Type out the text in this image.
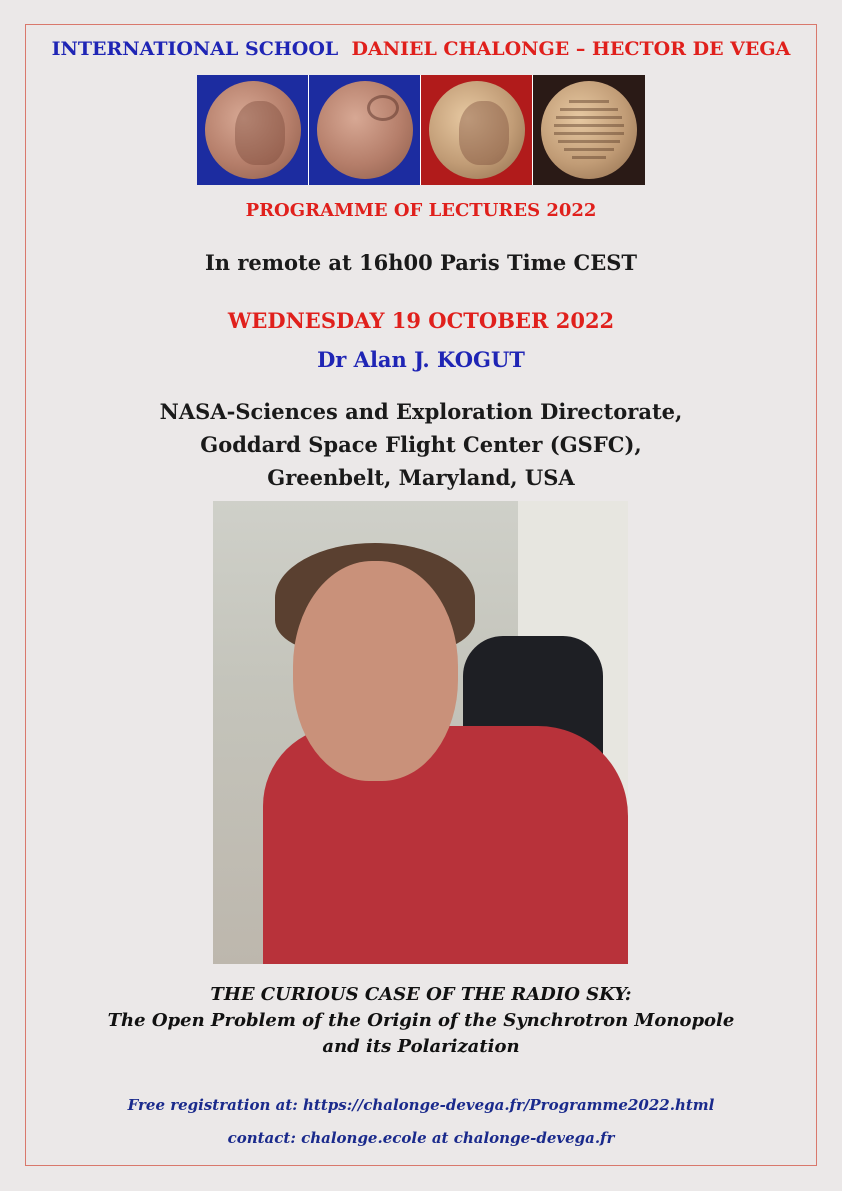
INTERNATIONAL SCHOOL DANIEL CHALONGE – HECTOR DE VEGA
PROGRAMME OF LECTURES 2022
In remote at 16h00 Paris Time CEST
WEDNESDAY 19 OCTOBER 2022
Dr Alan J. KOGUT
NASA-Sciences and Exploration Directorate,
Goddard Space Flight Center (GSFC),
Greenbelt, Maryland, USA
THE CURIOUS CASE OF THE RADIO SKY:
The Open Problem of the Origin of the Synchrotron Monopole
and its Polarization
Free registration at: https://chalonge-devega.fr/Programme2022.html
contact: chalonge.ecole at chalonge-devega.fr
